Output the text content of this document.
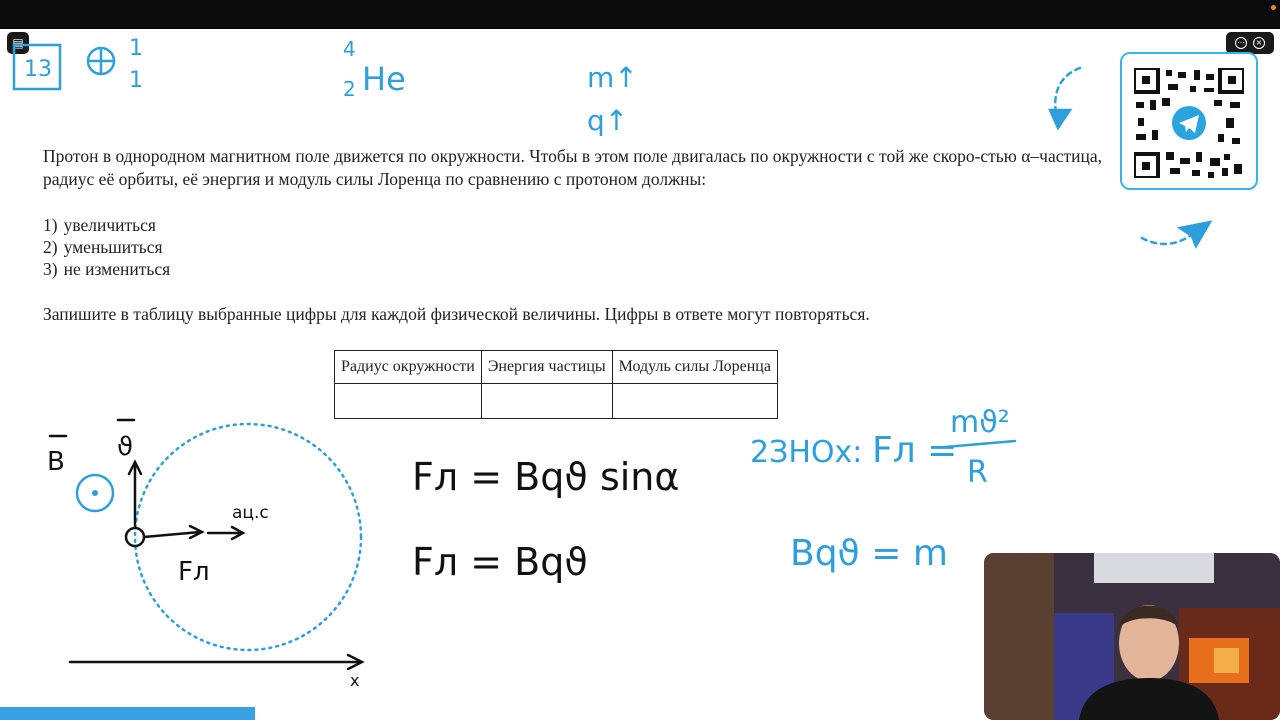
▤	⋯	×
Протон в однородном магнитном поле движется по окружности. Чтобы в этом поле двигалась по окружности с той же скоро-стью α–частица, радиус её орбиты, её энергия и модуль силы Лоренца по сравнению с протоном должны:
1) увеличиться
2) уменьшиться
3) не измениться
Запишите в таблицу выбранные цифры для каждой физической величины. Цифры в ответе могут повторяться.
Радиус окружности	Энергия частицы	Модуль силы Лоренца

13
1
1
4
2 He	m↑
q↑
2ЗНОх: Fл =
mϑ²
R
Bqϑ = m
B ϑ
aц.с
Fл
x
Fл = Bqϑ sinα
Fл = Bqϑ
